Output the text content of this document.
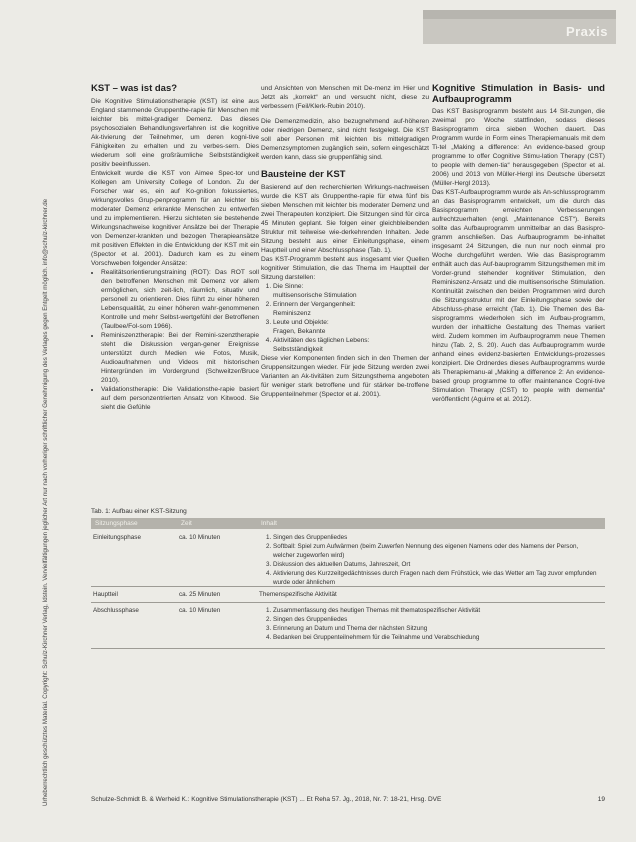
Praxis
Urheberrechtlich geschütztes Material. Copyright: Schulz-Kirchner Verlag, Idstein. Vervielfältigungen jeglicher Art nur nach vorheriger schriftlicher Genehmigung des Verlages gegen Entgelt möglich. info@schulz-kirchner.de
KST – was ist das?

Die Kognitive Stimulationstherapie (KST) ist eine aus England stammende Gruppenthe-rapie für Menschen mit leichter bis mittel-gradiger Demenz. Das dieses psychosozialen Behandlungsverfahren ist die kognitive Ak-tivierung der Teilnehmer, um deren kogni-tive Fähigkeiten zu erhalten und zu verbes-sern. Dies wiederum soll eine großräumliche Selbstständigkeit positiv beeinflussen.

Entwickelt wurde die KST von Aimee Spec-tor und Kollegen am University College of London. Zu der Forscher war es, ein auf Ko-gnition fokussiertes, wirkungsvolles Grup-penprogramm für an leichter bis moderater Demenz erkrankte Menschen zu entwerfen und zu implementieren. Hierzu sichteten sie bestehende Wirkungsnachweise kognitiver Ansätze bei der Therapie von Demenzer-krankten und bezogen Therapieansätze mit positiven Effekten in die Entwicklung der KST mit ein (Spector et al. 2001). Dadurch kam es zu einem Vorschweben folgender Ansätze:

• Realitätsorientierungstraining (ROT): Das ROT soll den betroffenen Menschen mit Demenz vor allem ermöglichen, sich zeit-lich, räumlich, situativ und personell zu orientieren. Dies führt zu einer höheren Lebensqualität, zu einer höheren wahr-genommenen Kontrolle und mehr Selbst-wertgefühl der Betroffenen (Taulbee/Fol-som 1966).
• Reminiszenztherapie: Bei der Remini-szenztherapie steht die Diskussion vergan-gener Ereignisse unterstützt durch Medien wie Fotos, Musik, Audioaufnahmen und Videos mit historischen Hintergründen im Vordergrund (Schweitzer/Bruce 2010).
• Validationstherapie: Die Validationsthe-rapie basiert auf dem personzentrierten Ansatz von Kitwood. Sie sieht die Gefühle

und Ansichten von Menschen mit De-menz im Hier und Jetzt als „korrekt“ an und versucht nicht, diese zu verbessern (Feil/Klerk-Rubin 2010).

Die Demenzmedizin, also bezugnehmend auf-höheren oder niedrigen Demenz, sind nicht festgelegt. Die KST soll aber Personen mit leichten bis mittelgradigen Demenzsymptomen zugänglich sein, sofern eingeschätzt werden kann, dass sie gruppenfähig sind.

Bausteine der KST

Basierend auf den recherchierten Wirkungs-nachweisen wurde die KST als Gruppenthe-rapie für etwa fünf bis sieben Menschen mit leichter bis moderater Demenz und zwei Therapeuten konzipiert. Die Sitzungen sind für circa 45 Minuten geplant. Sie folgen einer gleichbleibenden Struktur mit teilweise wie-derkehrenden Inhalten. Jede Sitzung besteht aus einer Einleitungsphase, einem Hauptteil und einer Abschlussphase (Tab. 1).

Das KST-Programm besteht aus insgesamt vier Quellen kognitiver Stimulation, die das Thema im Hauptteil der Sitzung darstellen:

1. Die Sinne:
multisensorische Stimulation
2. Erinnern der Vergangenheit:
Reminiszenz
3. Leute und Objekte:
Fragen, Bekannte
4. Aktivitäten des täglichen Lebens:
Selbstständigkeit

Diese vier Komponenten finden sich in den Themen der Gruppensitzungen wieder. Für jede Sitzung werden zwei Varianten an Ak-tivitäten zum Sitzungsthema angeboten für weniger stark betroffene und für stärker be-troffene Gruppenteilnehmer (Spector et al. 2001).

Kognitive Stimulation in Basis- und Aufbauprogramm

Das KST Basisprogramm besteht aus 14 Sit-zungen, die zweimal pro Woche stattfinden, sodass dieses Basisprogramm circa sieben Wochen dauert. Das Programm wurde in Form eines Therapiemanuals mit dem Ti-tel „Making a difference: An evidence-based group programme to offer Cognitive Stimu-lation Therapy (CST) to people with demen-tia“ herausgegeben (Spector et al. 2006) und 2013 von Müller-Hergl ins Deutsche übersetzt (Müller-Hergl 2013).

Das KST-Aufbauprogramm wurde als An-schlussprogramm an das Basisprogramm entwickelt, um die durch das Basisprogramm erreichten Verbesserungen aufrechtzuerhalten (engl. „Maintenance CST“). Bereits sollte das Aufbauprogramm unmittelbar an das Basispro-gramm anschließen. Das Aufbauprogramm be-inhaltet insgesamt 24 Sitzungen, die nun nur noch einmal pro Woche durchgeführt werden. Wie das Basisprogramm enthält auch das Auf-bauprogramm Sitzungsthemen mit im Vorder-grund stehender kognitiver Stimulation, den Reminiszenz-Ansatz und die multisensorische Stimulation. Kontinuität zwischen den beiden Programmen wird durch die Sitzungsstruktur mit der Einleitungsphase sowie der Abschluss-phase erreicht (Tab. 1). Die Themen des Ba-sisprogramms wiederholen sich im Aufbau-programm, wurden der inhaltliche Gestaltung des Themas variiert wird. Zudem kommen im Aufbauprogramm neue Themen hinzu (Tab. 2, S. 20). Auch das Aufbauprogramm wurde anhand eines evidenz-basierten Entwicklungs-prozesses konzipiert. Die Ordnerdes dieses Aufbauprogramms wurde als Therapiemanu-al „Making a difference 2: An evidence-based group programme to offer maintenance Cogni-tive Stimulation Therapy (CST) to people with dementia“ veröffentlicht (Aguirre et al. 2012).

Tab. 1: Aufbau einer KST-Sitzung
Sitzungsphase	Zeit	Inhalt
Einleitungsphase	ca. 10 Minuten	1. Singen des Gruppenliedes
2. Softball: Spiel zum Aufwärmen (beim Zuwerfen Nennung des eigenen Namens oder des Namens der Person, welcher zugeworfen wird)
3. Diskussion des aktuellen Datums, Jahreszeit, Ort
4. Aktivierung des Kurzzeitgedächtnisses durch Fragen nach dem Frühstück, wie das Wetter am Tag zuvor empfunden wurde oder ähnlichem
Hauptteil	ca. 25 Minuten	Themenspezifische Aktivität
Abschlussphase	ca. 10 Minuten	1. Zusammenfassung des heutigen Themas mit thematospezifischer Aktivität
2. Singen des Gruppenliedes
3. Erinnerung an Datum und Thema der nächsten Sitzung
4. Bedanken bei Gruppenteilnehmern für die Teilnahme und Verabschiedung
Schulze-Schmidt B. & Werheid K.: Kognitive Stimulationstherapie (KST) ... Et Reha 57. Jg., 2018, Nr. 7: 18-21, Hrsg. DVE	19
